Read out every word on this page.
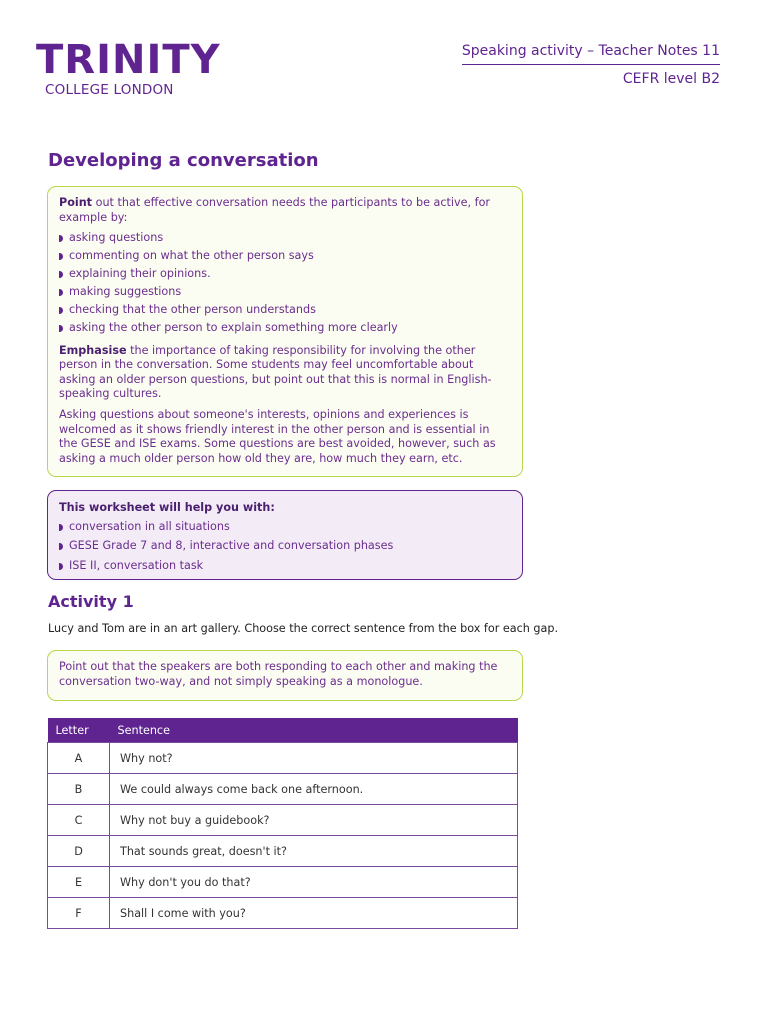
TRINITY
COLLEGE LONDON
Speaking activity – Teacher Notes 11
CEFR level B2
Developing a conversation

Point out that effective conversation needs the participants to be active, for example by:

asking questions
commenting on what the other person says
explaining their opinions.
making suggestions
checking that the other person understands
asking the other person to explain something more clearly

Emphasise the importance of taking responsibility for involving the other person in the conversation. Some students may feel uncomfortable about asking an older person questions, but point out that this is normal in English-speaking cultures.

Asking questions about someone's interests, opinions and experiences is welcomed as it shows friendly interest in the other person and is essential in the GESE and ISE exams. Some questions are best avoided, however, such as asking a much older person how old they are, how much they earn, etc.

This worksheet will help you with:
conversation in all situations
GESE Grade 7 and 8, interactive and conversation phases
ISE II, conversation task
Activity 1
Lucy and Tom are in an art gallery. Choose the correct sentence from the box for each gap.

Point out that the speakers are both responding to each other and making the conversation two-way, and not simply speaking as a monologue.

Letter	Sentence
A	Why not?
B	We could always come back one afternoon.
C	Why not buy a guidebook?
D	That sounds great, doesn't it?
E	Why don't you do that?
F	Shall I come with you?
